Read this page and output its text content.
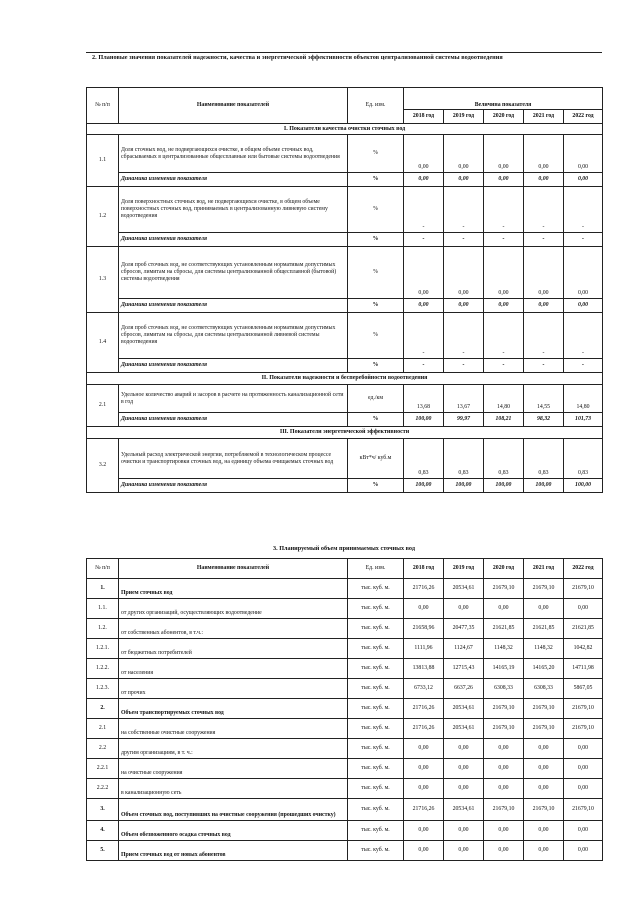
2. Плановые значения показателей надежности, качества и энергетической эффективности объектов централизованной системы водоотведения
№ п/п	Наименование показателей	Ед. изм.	Величина показателя				
			2018 год	2019 год	2020 год	2021 год	2022 год
I. Показатели качества очистки сточных вод							
1.1	Доля сточных вод, не подвергающихся очистке, в общем объеме сточных вод, сбрасываемых в централизованные общесплавные или бытовые системы водоотведения	%	0,00	0,00	0,00	0,00	0,00
	Динамика изменения показателя	%	0,00	0,00	0,00	0,00	0,00
1.2	Доля поверхностных сточных вод, не подвергающихся очистке, в общем объеме поверхностных сточных вод, принимаемых в централизованную ливневую систему водоотведения	%	-	-	-	-	-
	Динамика изменения показателя	%	-	-	-	-	-
1.3	Доля проб сточных вод, не соответствующих установленным нормативам допустимых сбросов, лимитам на сбросы, для системы централизованной общесплавной (бытовой) системы водоотведения	%	0,00	0,00	0,00	0,00	0,00
	Динамика изменения показателя	%	0,00	0,00	0,00	0,00	0,00
1.4	Доля проб сточных вод, не соответствующих установленным нормативам допустимых сбросов, лимитам на сбросы, для системы централизованной ливневой системы водоотведения	%	-	-	-	-	-
	Динамика изменения показателя	%	-	-	-	-	-
II. Показатели надежности и бесперебойности водоотведения							
2.1	Удельное количество аварий и засоров в расчете на протяженность канализационной сети в год	ед./км	13,68	13,67	14,80	14,55	14,80
	Динамика изменения показателя	%	100,00	99,97	108,21	98,32	101,73
III. Показатели энергетической эффективности							
3.2	Удельный расход электрической энергии, потребляемой в технологическом процессе очистки и транспортировки сточных вод, на единицу объема очищаемых сточных вод	кВт*ч/ куб.м	0,83	0,83	0,83	0,83	0,83
	Динамика изменения показателя	%	100,00	100,00	100,00	100,00	100,00
3. Планируемый объем принимаемых сточных вод
№ п/п	Наименование показателей	Ед. изм.	2018 год	2019 год	2020 год	2021 год	2022 год
1.	Прием сточных вод	тыс. куб. м.	21716,26	20534,61	21679,10	21679,10	21679,10
1.1.	от других организаций, осуществляющих водоотведение	тыс. куб. м.	0,00	0,00	0,00	0,00	0,00
1.2.	от собственных абонентов, в т.ч.:	тыс. куб. м.	21658,96	20477,35	21621,85	21621,85	21621,85
1.2.1.	от бюджетных потребителей	тыс. куб. м.	1111,96	1124,67	1148,32	1148,32	1042,82
1.2.2.	от населения	тыс. куб. м.	13813,88	12715,43	14165,19	14165,20	14711,98
1.2.3.	от прочих	тыс. куб. м.	6733,12	6637,26	6308,33	6308,33	5867,05
2.	Объем транспортируемых сточных вод	тыс. куб. м.	21716,26	20534,61	21679,10	21679,10	21679,10
2.1	на собственные очистные сооружения	тыс. куб. м.	21716,26	20534,61	21679,10	21679,10	21679,10
2.2	другим организациям, в т. ч.:	тыс. куб. м.	0,00	0,00	0,00	0,00	0,00
2.2.1	на очистные сооружения	тыс. куб. м.	0,00	0,00	0,00	0,00	0,00
2.2.2	в канализационную сеть	тыс. куб. м.	0,00	0,00	0,00	0,00	0,00
3.	Объем сточных вод, поступивших на очистные сооружения (прошедших очистку)	тыс. куб. м.	21716,26	20534,61	21679,10	21679,10	21679,10
4.	Объем обезвоженного осадка сточных вод	тыс. куб. м.	0,00	0,00	0,00	0,00	0,00
5.	Прием сточных вод от новых абонентов	тыс. куб. м.	0,00	0,00	0,00	0,00	0,00
